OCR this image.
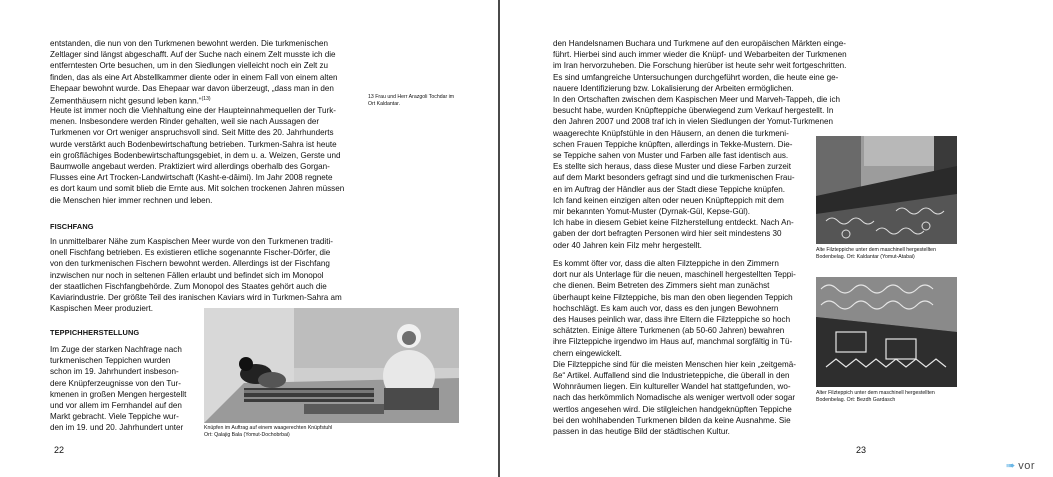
entstanden, die nun von den Turkmenen bewohnt werden. Die turkmenischen
Zeltlager sind längst abgeschafft. Auf der Suche nach einem Zelt musste ich die
entferntesten Orte besuchen, um in den Siedlungen vielleicht noch ein Zelt zu
finden, das als eine Art Abstellkammer diente oder in einem Fall von einem alten
Ehepaar bewohnt wurde. Das Ehepaar war davon überzeugt, „dass man in den
Zementhäusern nicht gesund leben kann.“$^{(13)}$	13 Frau und Herr Arazgoli Tochdar im
Ort Kaldantar.
Heute ist immer noch die Viehhaltung eine der Haupteinnahmequellen der Turk-
menen. Insbesondere werden Rinder gehalten, weil sie nach Aussagen der
Turkmenen vor Ort weniger anspruchsvoll sind. Seit Mitte des 20. Jahrhunderts
wurde verstärkt auch Bodenbewirtschaftung betrieben. Turkmen-Sahra ist heute
ein großflächiges Bodenbewirtschaftungsgebiet, in dem u. a. Weizen, Gerste und
Baumwolle angebaut werden. Praktiziert wird allerdings oberhalb des Gorgan-
Flusses eine Art Trocken-Landwirtschaft (Kasht-e-dâimi). Im Jahr 2008 regnete
es dort kaum und somit blieb die Ernte aus. Mit solchen trockenen Jahren müssen
die Menschen hier immer rechnen und leben.
FISCHFANG
In unmittelbarer Nähe zum Kaspischen Meer wurde von den Turkmenen traditi-
onell Fischfang betrieben. Es existieren etliche sogenannte Fischer-Dörfer, die
von den turkmenischen Fischern bewohnt werden. Allerdings ist der Fischfang
inzwischen nur noch in seltenen Fällen erlaubt und befindet sich im Monopol
der staatlichen Fischfangbehörde. Zum Monopol des Staates gehört auch die
Kaviarindustrie. Der größte Teil des iranischen Kaviars wird in Turkmen-Sahra am
Kaspischen Meer produziert.
TEPPICHHERSTELLUNG
Im Zuge der starken Nachfrage nach
turkmenischen Teppichen wurden
schon im 19. Jahrhundert insbeson-
dere Knüpferzeugnisse von den Tur-
kmenen in großen Mengen hergestellt
und vor allem im Fernhandel auf den
Markt gebracht. Viele Teppiche wur-
den im 19. und 20. Jahrhundert unter	Knüpfen im Auftrag auf einem waagerechten Knüpfstuhl
Ort: Qalajig Bala (Yomut-Dochobrbai)
22
den Handelsnamen Buchara und Turkmene auf den europäischen Märkten einge-
führt. Hierbei sind auch immer wieder die Knüpf- und Webarbeiten der Turkmenen
im Iran hervorzuheben. Die Forschung hierüber ist heute sehr weit fortgeschritten.
Es sind umfangreiche Untersuchungen durchgeführt worden, die heute eine ge-
nauere Identifizierung bzw. Lokalisierung der Arbeiten ermöglichen.
In den Ortschaften zwischen dem Kaspischen Meer und Marveh-Tappeh, die ich
besucht habe, wurden Knüpfteppiche überwiegend zum Verkauf hergestellt. In
den Jahren 2007 und 2008 traf ich in vielen Siedlungen der Yomut-Turkmenen
waagerechte Knüpfstühle in den Häusern, an denen die turkmeni-
schen Frauen Teppiche knüpften, allerdings in Tekke-Mustern. Die-
se Teppiche sahen von Muster und Farben alle fast identisch aus.
Es stellte sich heraus, dass diese Muster und diese Farben zurzeit
auf dem Markt besonders gefragt sind und die turkmenischen Frau-
en im Auftrag der Händler aus der Stadt diese Teppiche knüpfen.
Ich fand keinen einzigen alten oder neuen Knüpfteppich mit dem
mir bekannten Yomut-Muster (Dyrnak-Gül, Kepse-Gül).
Ich habe in diesem Gebiet keine Filzherstellung entdeckt. Nach An-
gaben der dort befragten Personen wird hier seit mindestens 30
oder 40 Jahren kein Filz mehr hergestellt.
Alte Filzteppiche unter dem maschinell hergestellten
Bodenbelag. Ort: Kaldantar (Yomut-Atabai)
Es kommt öfter vor, dass die alten Filzteppiche in den Zimmern
dort nur als Unterlage für die neuen, maschinell hergestellten Teppi-
che dienen. Beim Betreten des Zimmers sieht man zunächst
überhaupt keine Filzteppiche, bis man den oben liegenden Teppich
hochschlägt. Es kam auch vor, dass es den jungen Bewohnern
des Hauses peinlich war, dass ihre Eltern die Filzteppiche so hoch
schätzten. Einige ältere Turkmenen (ab 50-60 Jahren) bewahren
ihre Filzteppiche irgendwo im Haus auf, manchmal sorgfältig in Tü-
chern eingewickelt.
Die Filzteppiche sind für die meisten Menschen hier kein „zeitgemä-
ße“ Artikel. Auffallend sind die Industrieteppiche, die überall in den
Wohnräumen liegen. Ein kultureller Wandel hat stattgefunden, wo-
nach das herkömmlich Nomadische als weniger wertvoll oder sogar
wertlos angesehen wird. Die stilgleichen handgeknüpften Teppiche
bei den wohlhabenden Turkmenen bilden da keine Ausnahme. Sie
passen in das heutige Bild der städtischen Kultur.
Alter Filzteppich unter dem maschinell hergestellten
Bodenbelag. Ort: Bezdh Gardasch
23
➠ vor
